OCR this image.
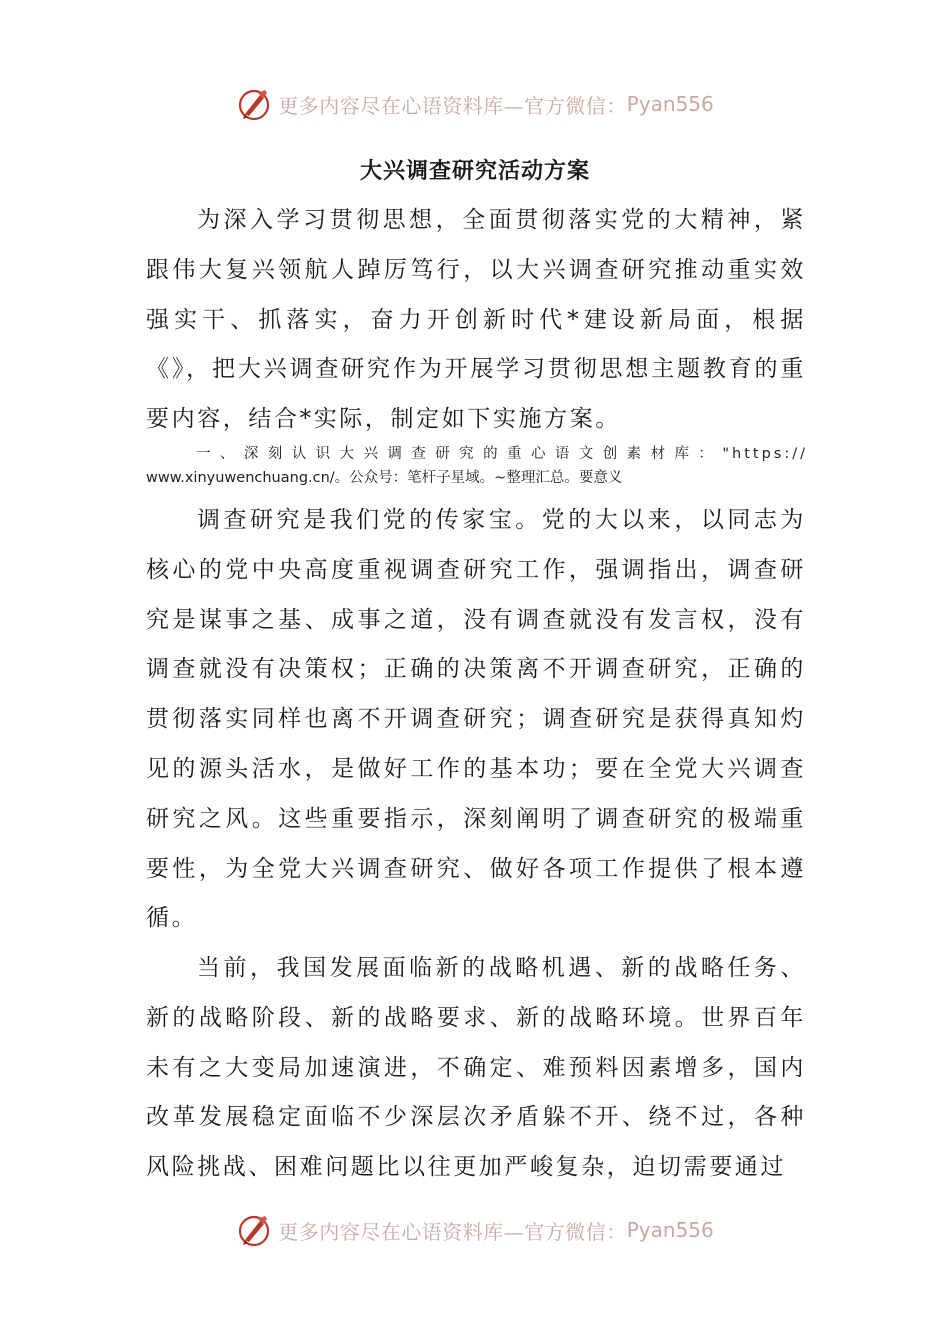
更多内容尽在心语资料库—官方微信： Pyan556
大兴调查研究活动方案

为深入学习贯彻思想，全面贯彻落实党的大精神，紧跟伟大复兴领航人踔厉笃行，以大兴调查研究推动重实效强实干、抓落实，奋力开创新时代*建设新局面，根据《》，把大兴调查研究作为开展学习贯彻思想主题教育的重要内容，结合*实际，制定如下实施方案。

一、深刻认识大兴调查研究的重心语文创素材库："https://
www.xinyuwenchuang.cn/。公众号：笔杆子星域。~整理汇总。要意义

调查研究是我们党的传家宝。党的大以来，以同志为核心的党中央高度重视调查研究工作，强调指出，调查研究是谋事之基、成事之道，没有调查就没有发言权，没有调查就没有决策权；正确的决策离不开调查研究，正确的贯彻落实同样也离不开调查研究；调查研究是获得真知灼见的源头活水，是做好工作的基本功；要在全党大兴调查研究之风。这些重要指示，深刻阐明了调查研究的极端重要性，为全党大兴调查研究、做好各项工作提供了根本遵循。

当前，我国发展面临新的战略机遇、新的战略任务、新的战略阶段、新的战略要求、新的战略环境。世界百年未有之大变局加速演进，不确定、难预料因素增多，国内改革发展稳定面临不少深层次矛盾躲不开、绕不过，各种风险挑战、困难问题比以往更加严峻复杂，迫切需要通过

更多内容尽在心语资料库—官方微信： Pyan556
